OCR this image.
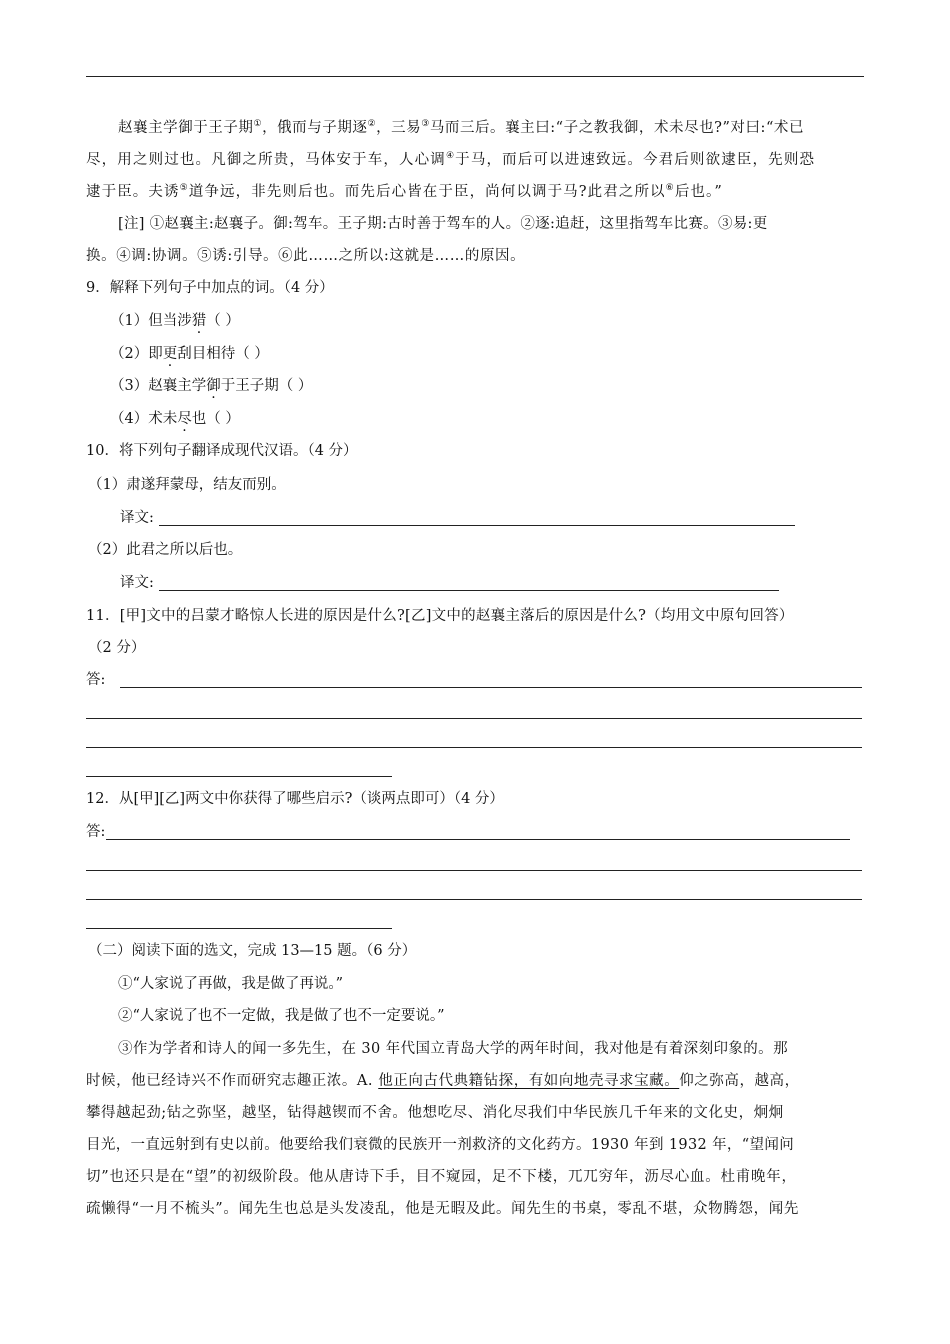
赵襄主学御于王子期①，俄而与子期逐②，三易③马而三后。襄主曰:“子之教我御，术未尽也?”对曰:“术已
尽，用之则过也。凡御之所贵，马体安于车，人心调④于马，而后可以进速致远。今君后则欲逮臣，先则恐
逮于臣。夫诱⑤道争远，非先则后也。而先后心皆在于臣，尚何以调于马?此君之所以⑥后也。”
[注] ①赵襄主:赵襄子。御:驾车。王子期:古时善于驾车的人。②逐:追赶，这里指驾车比赛。③易:更
换。④调:协调。⑤诱:引导。⑥此……之所以:这就是……的原因。
9．解释下列句子中加点的词。（4 分）
（1）但当涉猎（ ）
（2）即更刮目相待（ ）
（3）赵襄主学御于王子期（ ）
（4）术未尽也（ ）
10．将下列句子翻译成现代汉语。（4 分）
（1）肃遂拜蒙母，结友而别。
译文:
（2）此君之所以后也。
译文:
11．[甲]文中的吕蒙才略惊人长进的原因是什么?[乙]文中的赵襄主落后的原因是什么?（均用文中原句回答）
（2 分）
答:
12．从[甲][乙]两文中你获得了哪些启示?（谈两点即可）（4 分）
答:
（二）阅读下面的选文，完成 13—15 题。（6 分）
①“人家说了再做，我是做了再说。”
②“人家说了也不一定做，我是做了也不一定要说。”
③作为学者和诗人的闻一多先生，在 30 年代国立青岛大学的两年时间，我对他是有着深刻印象的。那
时候，他已经诗兴不作而研究志趣正浓。A. 他正向古代典籍钻探，有如向地壳寻求宝藏。仰之弥高，越高，
攀得越起劲;钻之弥坚，越坚，钻得越锲而不舍。他想吃尽、消化尽我们中华民族几千年来的文化史，炯炯
目光，一直远射到有史以前。他要给我们衰微的民族开一剂救济的文化药方。1930 年到 1932 年，“望闻问
切”也还只是在“望”的初级阶段。他从唐诗下手，目不窥园，足不下楼，兀兀穷年，沥尽心血。杜甫晚年，
疏懒得“一月不梳头”。闻先生也总是头发凌乱，他是无暇及此。闻先生的书桌，零乱不堪，众物腾怨，闻先
